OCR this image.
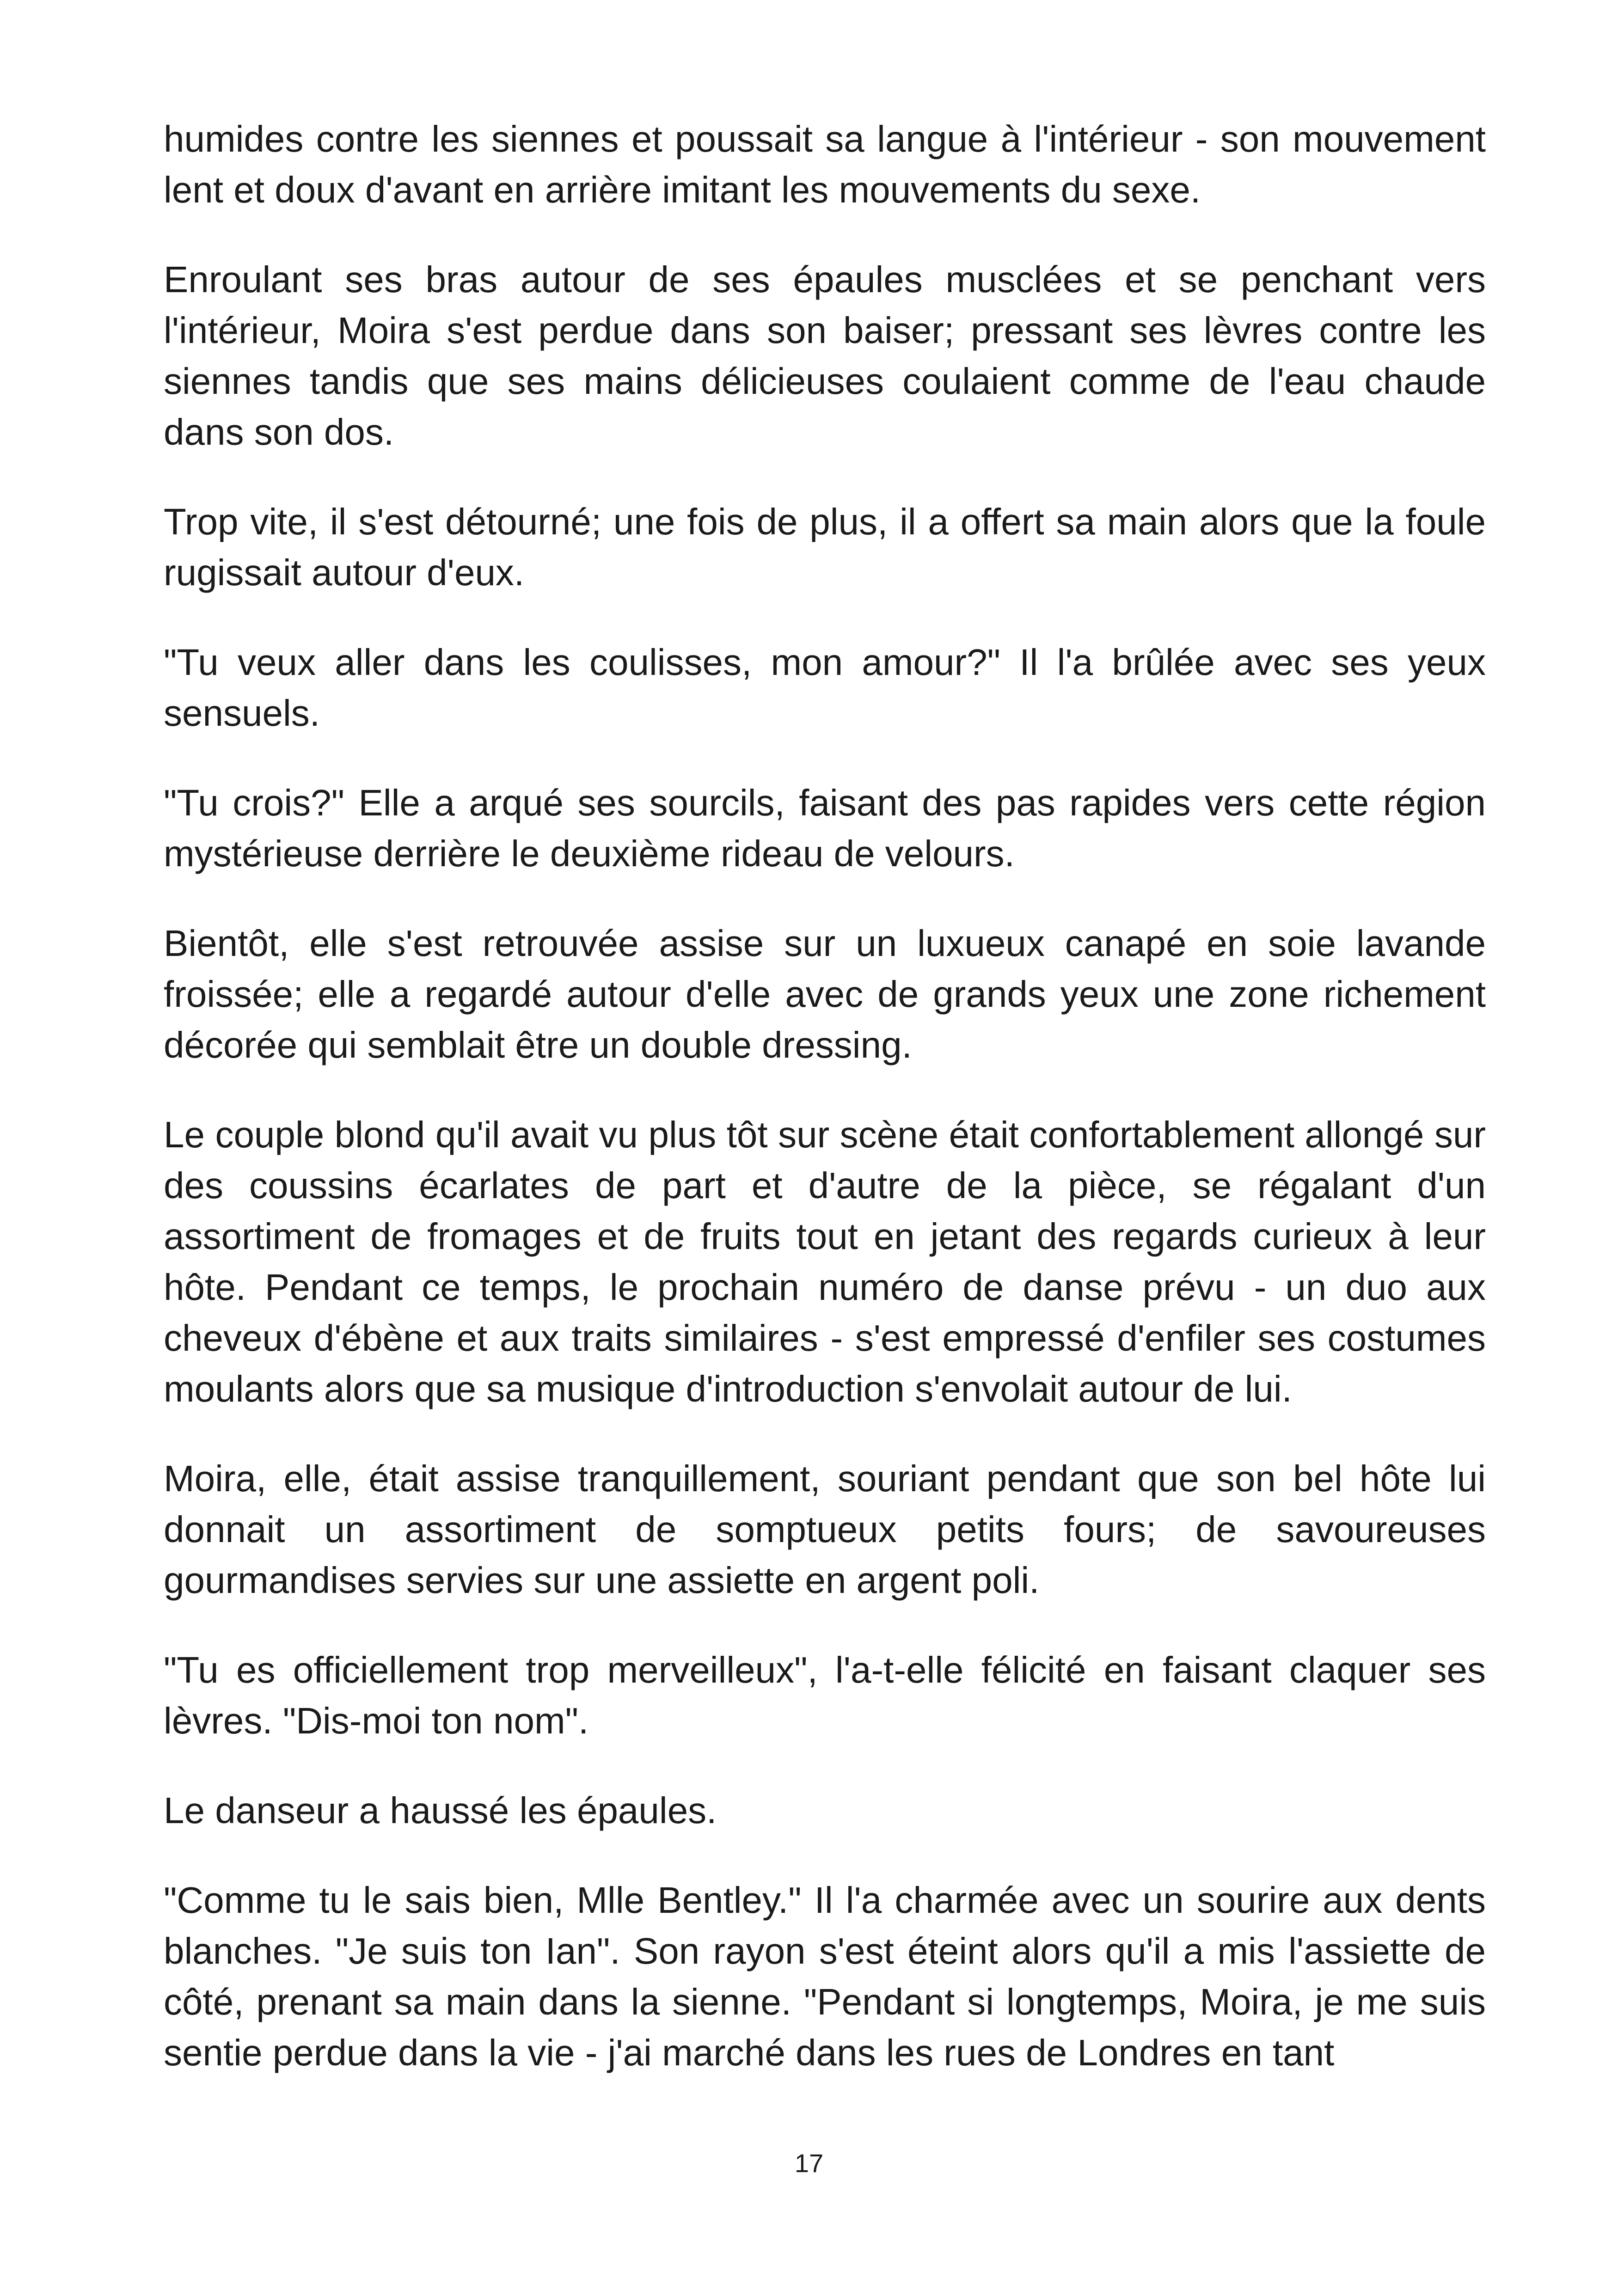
humides contre les siennes et poussait sa langue à l'intérieur - son mouvement lent et doux d'avant en arrière imitant les mouvements du sexe.

Enroulant ses bras autour de ses épaules musclées et se penchant vers l'intérieur, Moira s'est perdue dans son baiser; pressant ses lèvres contre les siennes tandis que ses mains délicieuses coulaient comme de l'eau chaude dans son dos.

Trop vite, il s'est détourné; une fois de plus, il a offert sa main alors que la foule rugissait autour d'eux.

"Tu veux aller dans les coulisses, mon amour?" Il l'a brûlée avec ses yeux sensuels.

"Tu crois?" Elle a arqué ses sourcils, faisant des pas rapides vers cette région mystérieuse derrière le deuxième rideau de velours.

Bientôt, elle s'est retrouvée assise sur un luxueux canapé en soie lavande froissée; elle a regardé autour d'elle avec de grands yeux une zone richement décorée qui semblait être un double dressing.

Le couple blond qu'il avait vu plus tôt sur scène était confortablement allongé sur des coussins écarlates de part et d'autre de la pièce, se régalant d'un assortiment de fromages et de fruits tout en jetant des regards curieux à leur hôte. Pendant ce temps, le prochain numéro de danse prévu - un duo aux cheveux d'ébène et aux traits similaires - s'est empressé d'enfiler ses costumes moulants alors que sa musique d'introduction s'envolait autour de lui.

Moira, elle, était assise tranquillement, souriant pendant que son bel hôte lui donnait un assortiment de somptueux petits fours; de savoureuses gourmandises servies sur une assiette en argent poli.

"Tu es officiellement trop merveilleux", l'a-t-elle félicité en faisant claquer ses lèvres. "Dis-moi ton nom".

Le danseur a haussé les épaules.

"Comme tu le sais bien, Mlle Bentley." Il l'a charmée avec un sourire aux dents blanches. "Je suis ton Ian". Son rayon s'est éteint alors qu'il a mis l'assiette de côté, prenant sa main dans la sienne. "Pendant si longtemps, Moira, je me suis sentie perdue dans la vie - j'ai marché dans les rues de Londres en tant

17
